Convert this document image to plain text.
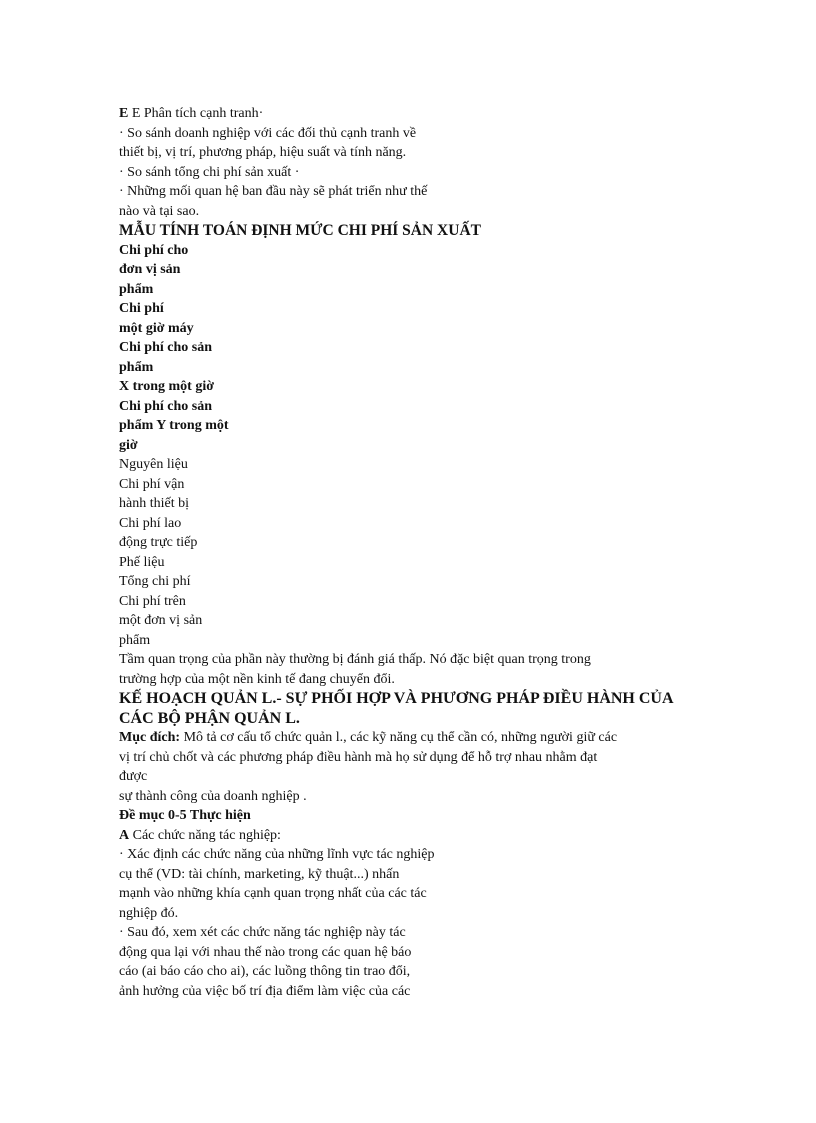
E E Phân tích cạnh tranh·
· So sánh doanh nghiệp với các đối thủ cạnh tranh về
thiết bị, vị trí, phương pháp, hiệu suất và tính năng.
· So sánh tổng chi phí sản xuất ·
· Những mối quan hệ ban đầu này sẽ phát triển như thế
nào và tại sao.
MẪU TÍNH TOÁN ĐỊNH MỨC CHI PHÍ SẢN XUẤT
Chi phí cho
đơn vị sản
phẩm
Chi phí
một giờ máy
Chi phí cho sản
phẩm
X trong một giờ
Chi phí cho sản
phẩm Y trong một
giờ
Nguyên liệu
Chi phí vận
hành thiết bị
Chi phí lao
động trực tiếp
Phế liệu
Tổng chi phí
Chi phí trên
một đơn vị sản
phẩm
Tầm quan trọng của phần này thường bị đánh giá thấp. Nó đặc biệt quan trọng trong
trường hợp của một nền kinh tế đang chuyển đổi.
KẾ HOẠCH QUẢN L.- SỰ PHỐI HỢP VÀ PHƯƠNG PHÁP ĐIỀU HÀNH CỦA
CÁC BỘ PHẬN QUẢN L.
Mục đích: Mô tả cơ cấu tổ chức quản l., các kỹ năng cụ thể cần có, những người giữ các
vị trí chủ chốt và các phương pháp điều hành mà họ sử dụng để hỗ trợ nhau nhằm đạt
được
sự thành công của doanh nghiệp .
Đề mục 0-5 Thực hiện
A Các chức năng tác nghiệp:
· Xác định các chức năng của những lĩnh vực tác nghiệp
cụ thể (VD: tài chính, marketing, kỹ thuật...) nhấn
mạnh vào những khía cạnh quan trọng nhất của các tác
nghiệp đó.
· Sau đó, xem xét các chức năng tác nghiệp này tác
động qua lại với nhau thế nào trong các quan hệ báo
cáo (ai báo cáo cho ai), các luồng thông tin trao đổi,
ảnh hưởng của việc bố trí địa điểm làm việc của các
